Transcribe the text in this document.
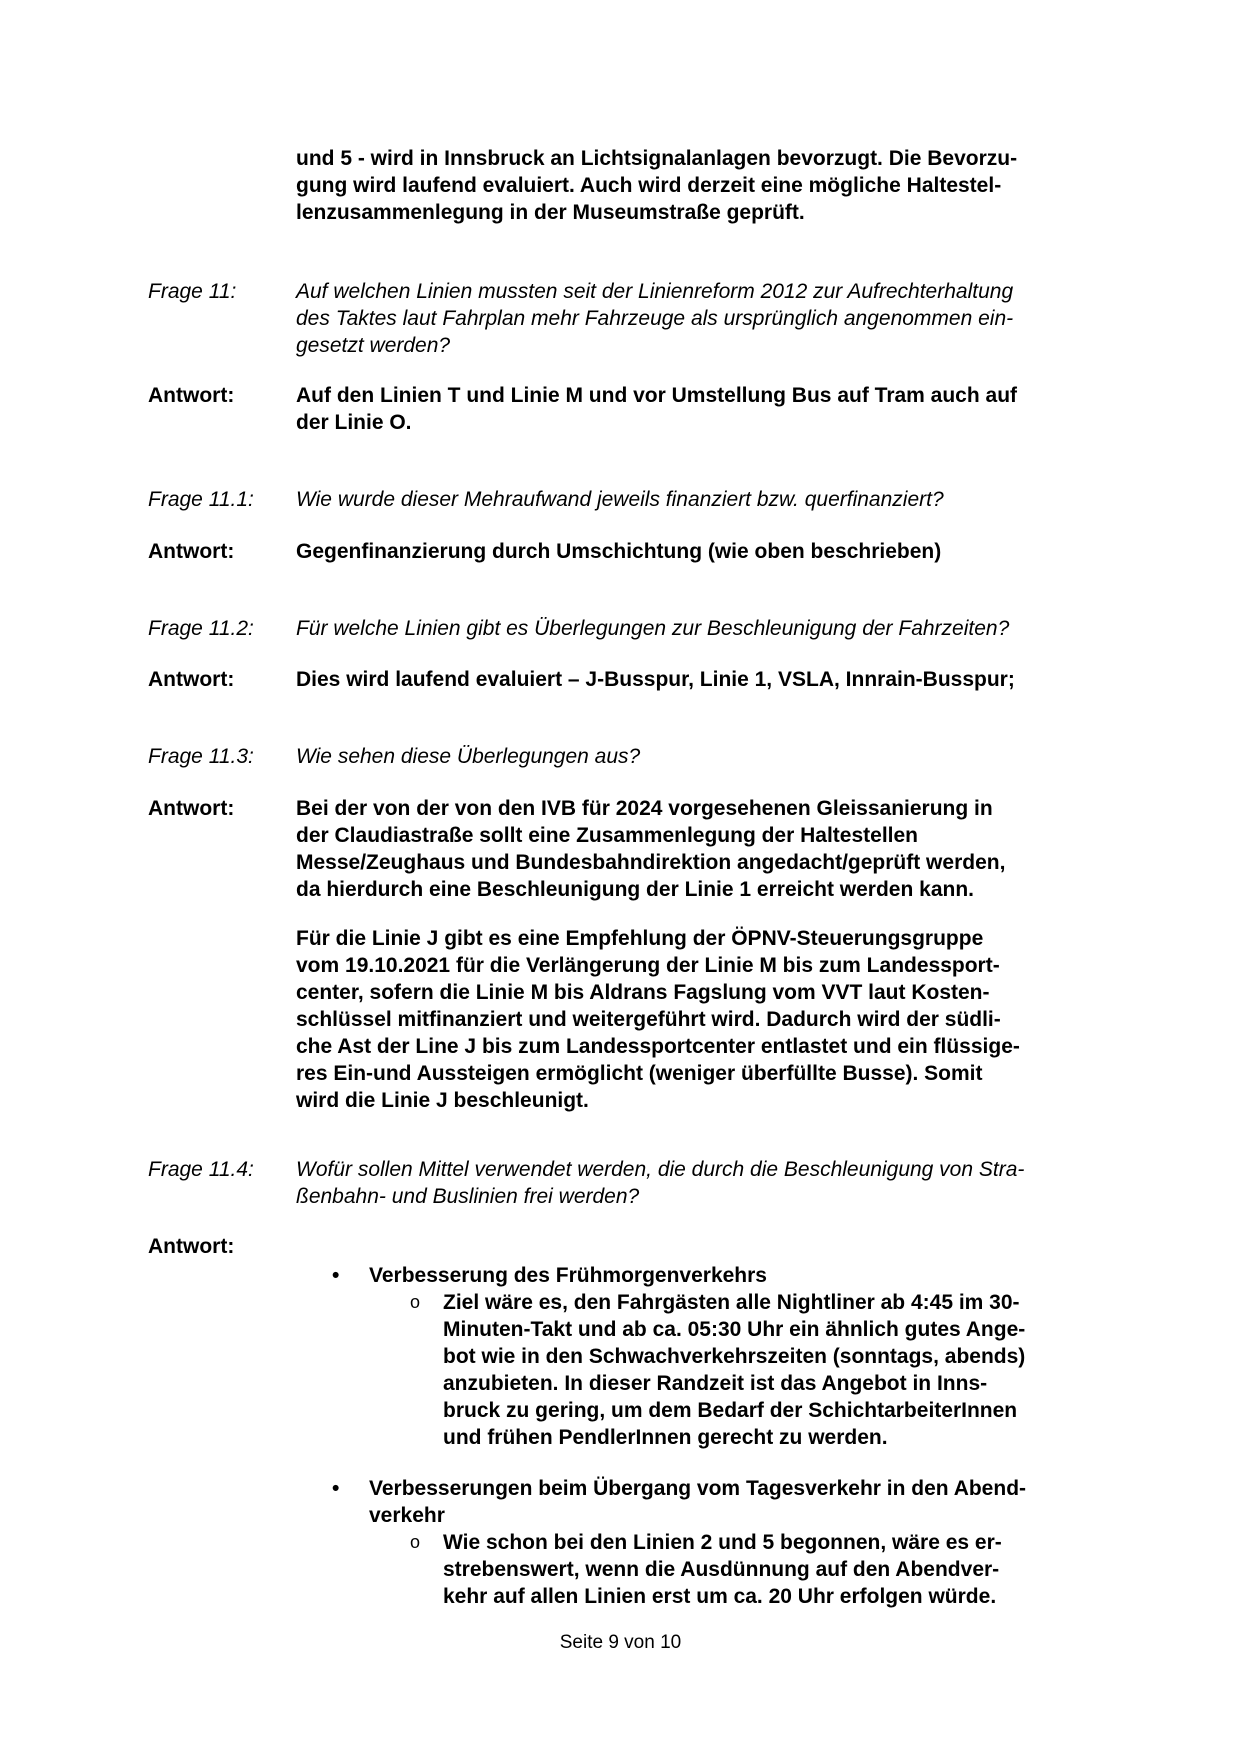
und 5 - wird in Innsbruck an Lichtsignalanlagen bevorzugt. Die Bevorzu-
gung wird laufend evaluiert. Auch wird derzeit eine mögliche Haltestel-
lenzusammenlegung in der Museumstraße geprüft.
Frage 11:	Auf welchen Linien mussten seit der Linienreform 2012 zur Aufrechterhaltung
des Taktes laut Fahrplan mehr Fahrzeuge als ursprünglich angenommen ein-
gesetzt werden?
Antwort:	Auf den Linien T und Linie M und vor Umstellung Bus auf Tram auch auf
der Linie O.
Frage 11.1: Wie wurde dieser Mehraufwand jeweils finanziert bzw. querfinanziert?
Antwort:	Gegenfinanzierung durch Umschichtung (wie oben beschrieben)
Frage 11.2: Für welche Linien gibt es Überlegungen zur Beschleunigung der Fahrzeiten?
Antwort:	Dies wird laufend evaluiert – J-Busspur, Linie 1, VSLA, Innrain-Busspur;
Frage 11.3: Wie sehen diese Überlegungen aus?
Antwort:	Bei der von der von den IVB für 2024 vorgesehenen Gleissanierung in
der Claudiastraße sollt eine Zusammenlegung der Haltestellen
Messe/Zeughaus und Bundesbahndirektion angedacht/geprüft werden,
da hierdurch eine Beschleunigung der Linie 1 erreicht werden kann.
Für die Linie J gibt es eine Empfehlung der ÖPNV-Steuerungsgruppe
vom 19.10.2021 für die Verlängerung der Linie M bis zum Landessport-
center, sofern die Linie M bis Aldrans Fagslung vom VVT laut Kosten-
schlüssel mitfinanziert und weitergeführt wird. Dadurch wird der südli-
che Ast der Line J bis zum Landessportcenter entlastet und ein flüssige-
res Ein-und Aussteigen ermöglicht (weniger überfüllte Busse). Somit
wird die Linie J beschleunigt.
Frage 11.4: Wofür sollen Mittel verwendet werden, die durch die Beschleunigung von Stra-
ßenbahn- und Buslinien frei werden?
Antwort:
• Verbesserung des Frühmorgenverkehrs
o Ziel wäre es, den Fahrgästen alle Nightliner ab 4:45 im 30-
Minuten-Takt und ab ca. 05:30 Uhr ein ähnlich gutes Ange-
bot wie in den Schwachverkehrszeiten (sonntags, abends)
anzubieten. In dieser Randzeit ist das Angebot in Inns-
bruck zu gering, um dem Bedarf der SchichtarbeiterInnen
und frühen PendlerInnen gerecht zu werden.
• Verbesserungen beim Übergang vom Tagesverkehr in den Abend-
verkehr
o Wie schon bei den Linien 2 und 5 begonnen, wäre es er-
strebenswert, wenn die Ausdünnung auf den Abendver-
kehr auf allen Linien erst um ca. 20 Uhr erfolgen würde.
Seite 9 von 10
